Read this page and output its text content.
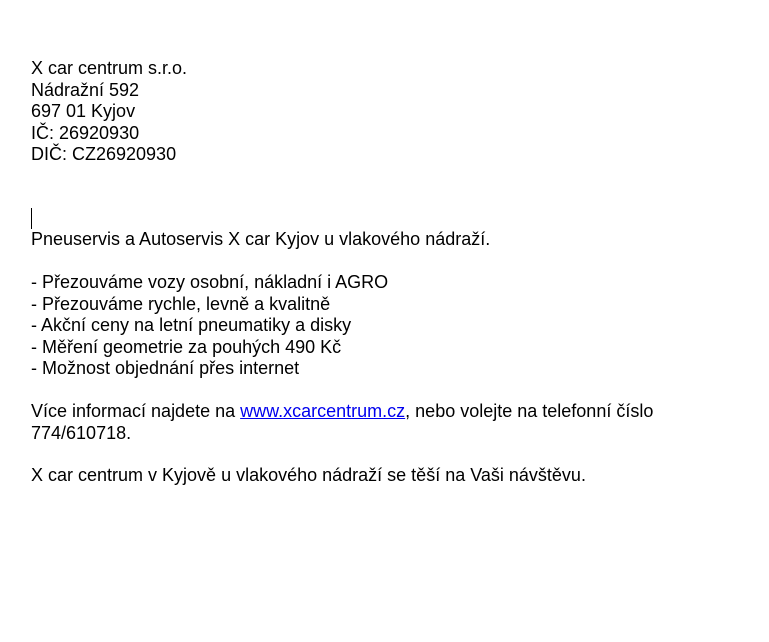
X car centrum s.r.o.
Nádražní 592
697 01 Kyjov
IČ: 26920930
DIČ: CZ26920930
Pneuservis a Autoservis X car Kyjov u vlakového nádraží.
- Přezouváme vozy osobní, nákladní i AGRO
- Přezouváme rychle, levně a kvalitně
- Akční ceny na letní pneumatiky a disky
- Měření geometrie za pouhých 490 Kč
- Možnost objednání přes internet
Více informací najdete na www.xcarcentrum.cz, nebo volejte na telefonní číslo
774/610718.
X car centrum v Kyjově u vlakového nádraží se těší na Vaši návštěvu.
